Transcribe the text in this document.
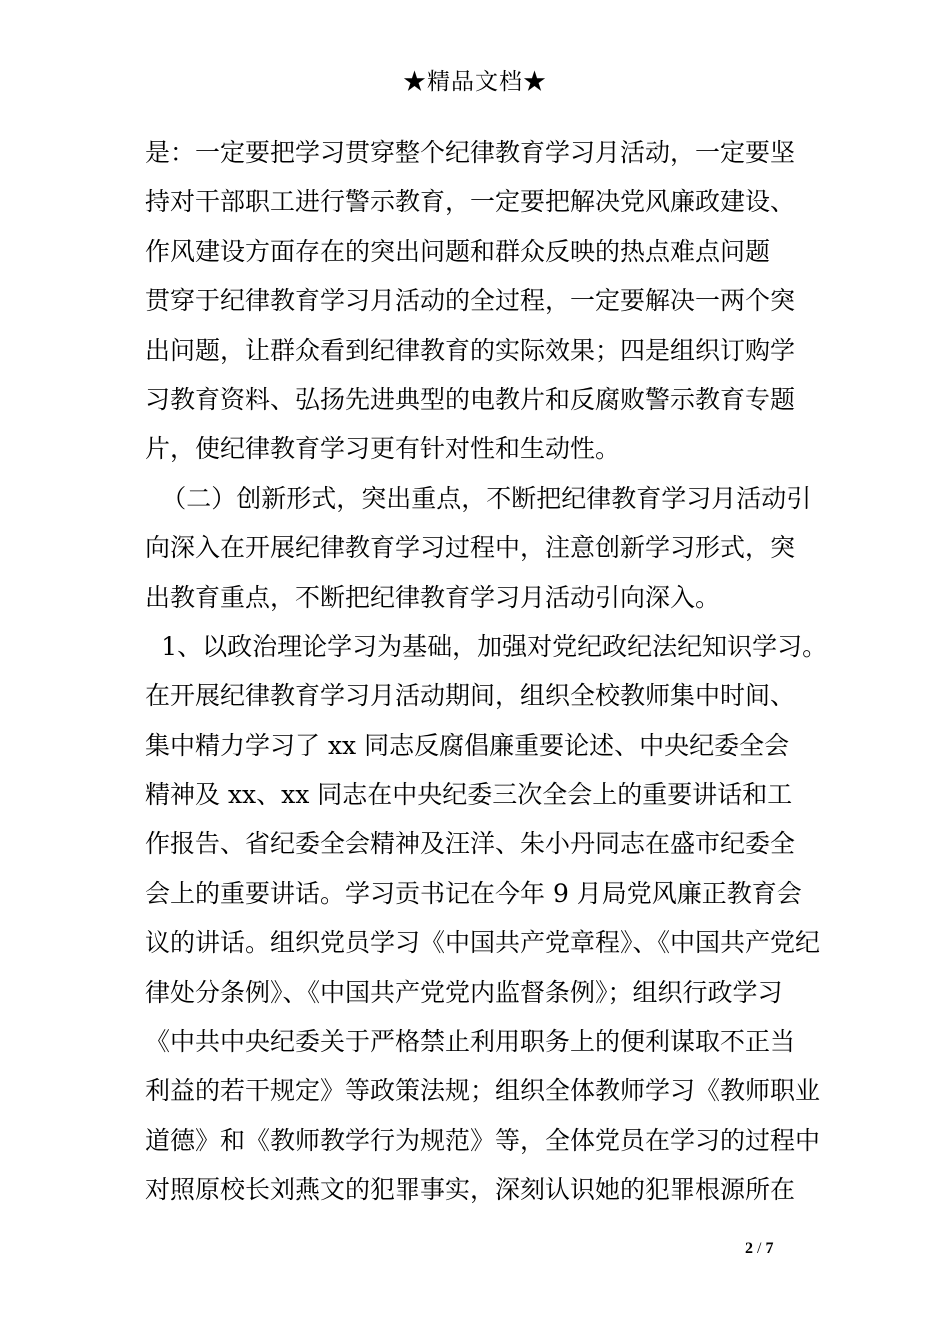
★精品文档★
是：一定要把学习贯穿整个纪律教育学习月活动，一定要坚
持对干部职工进行警示教育，一定要把解决党风廉政建设、
作风建设方面存在的突出问题和群众反映的热点难点问题
贯穿于纪律教育学习月活动的全过程，一定要解决一两个突
出问题，让群众看到纪律教育的实际效果；四是组织订购学
习教育资料、弘扬先进典型的电教片和反腐败警示教育专题
片，使纪律教育学习更有针对性和生动性。
（二）创新形式，突出重点，不断把纪律教育学习月活动引
向深入在开展纪律教育学习过程中，注意创新学习形式，突
出教育重点，不断把纪律教育学习月活动引向深入。
1、以政治理论学习为基础，加强对党纪政纪法纪知识学习。
在开展纪律教育学习月活动期间，组织全校教师集中时间、
集中精力学习了 xx 同志反腐倡廉重要论述、中央纪委全会
精神及 xx、xx 同志在中央纪委三次全会上的重要讲话和工
作报告、省纪委全会精神及汪洋、朱小丹同志在盛市纪委全
会上的重要讲话。学习贡书记在今年 9 月局党风廉正教育会
议的讲话。组织党员学习《中国共产党章程》、《中国共产党纪
律处分条例》、《中国共产党党内监督条例》；组织行政学习
《中共中央纪委关于严格禁止利用职务上的便利谋取不正当
利益的若干规定》等政策法规；组织全体教师学习《教师职业
道德》和《教师教学行为规范》等，全体党员在学习的过程中
对照原校长刘燕文的犯罪事实，深刻认识她的犯罪根源所在
2 / 7
